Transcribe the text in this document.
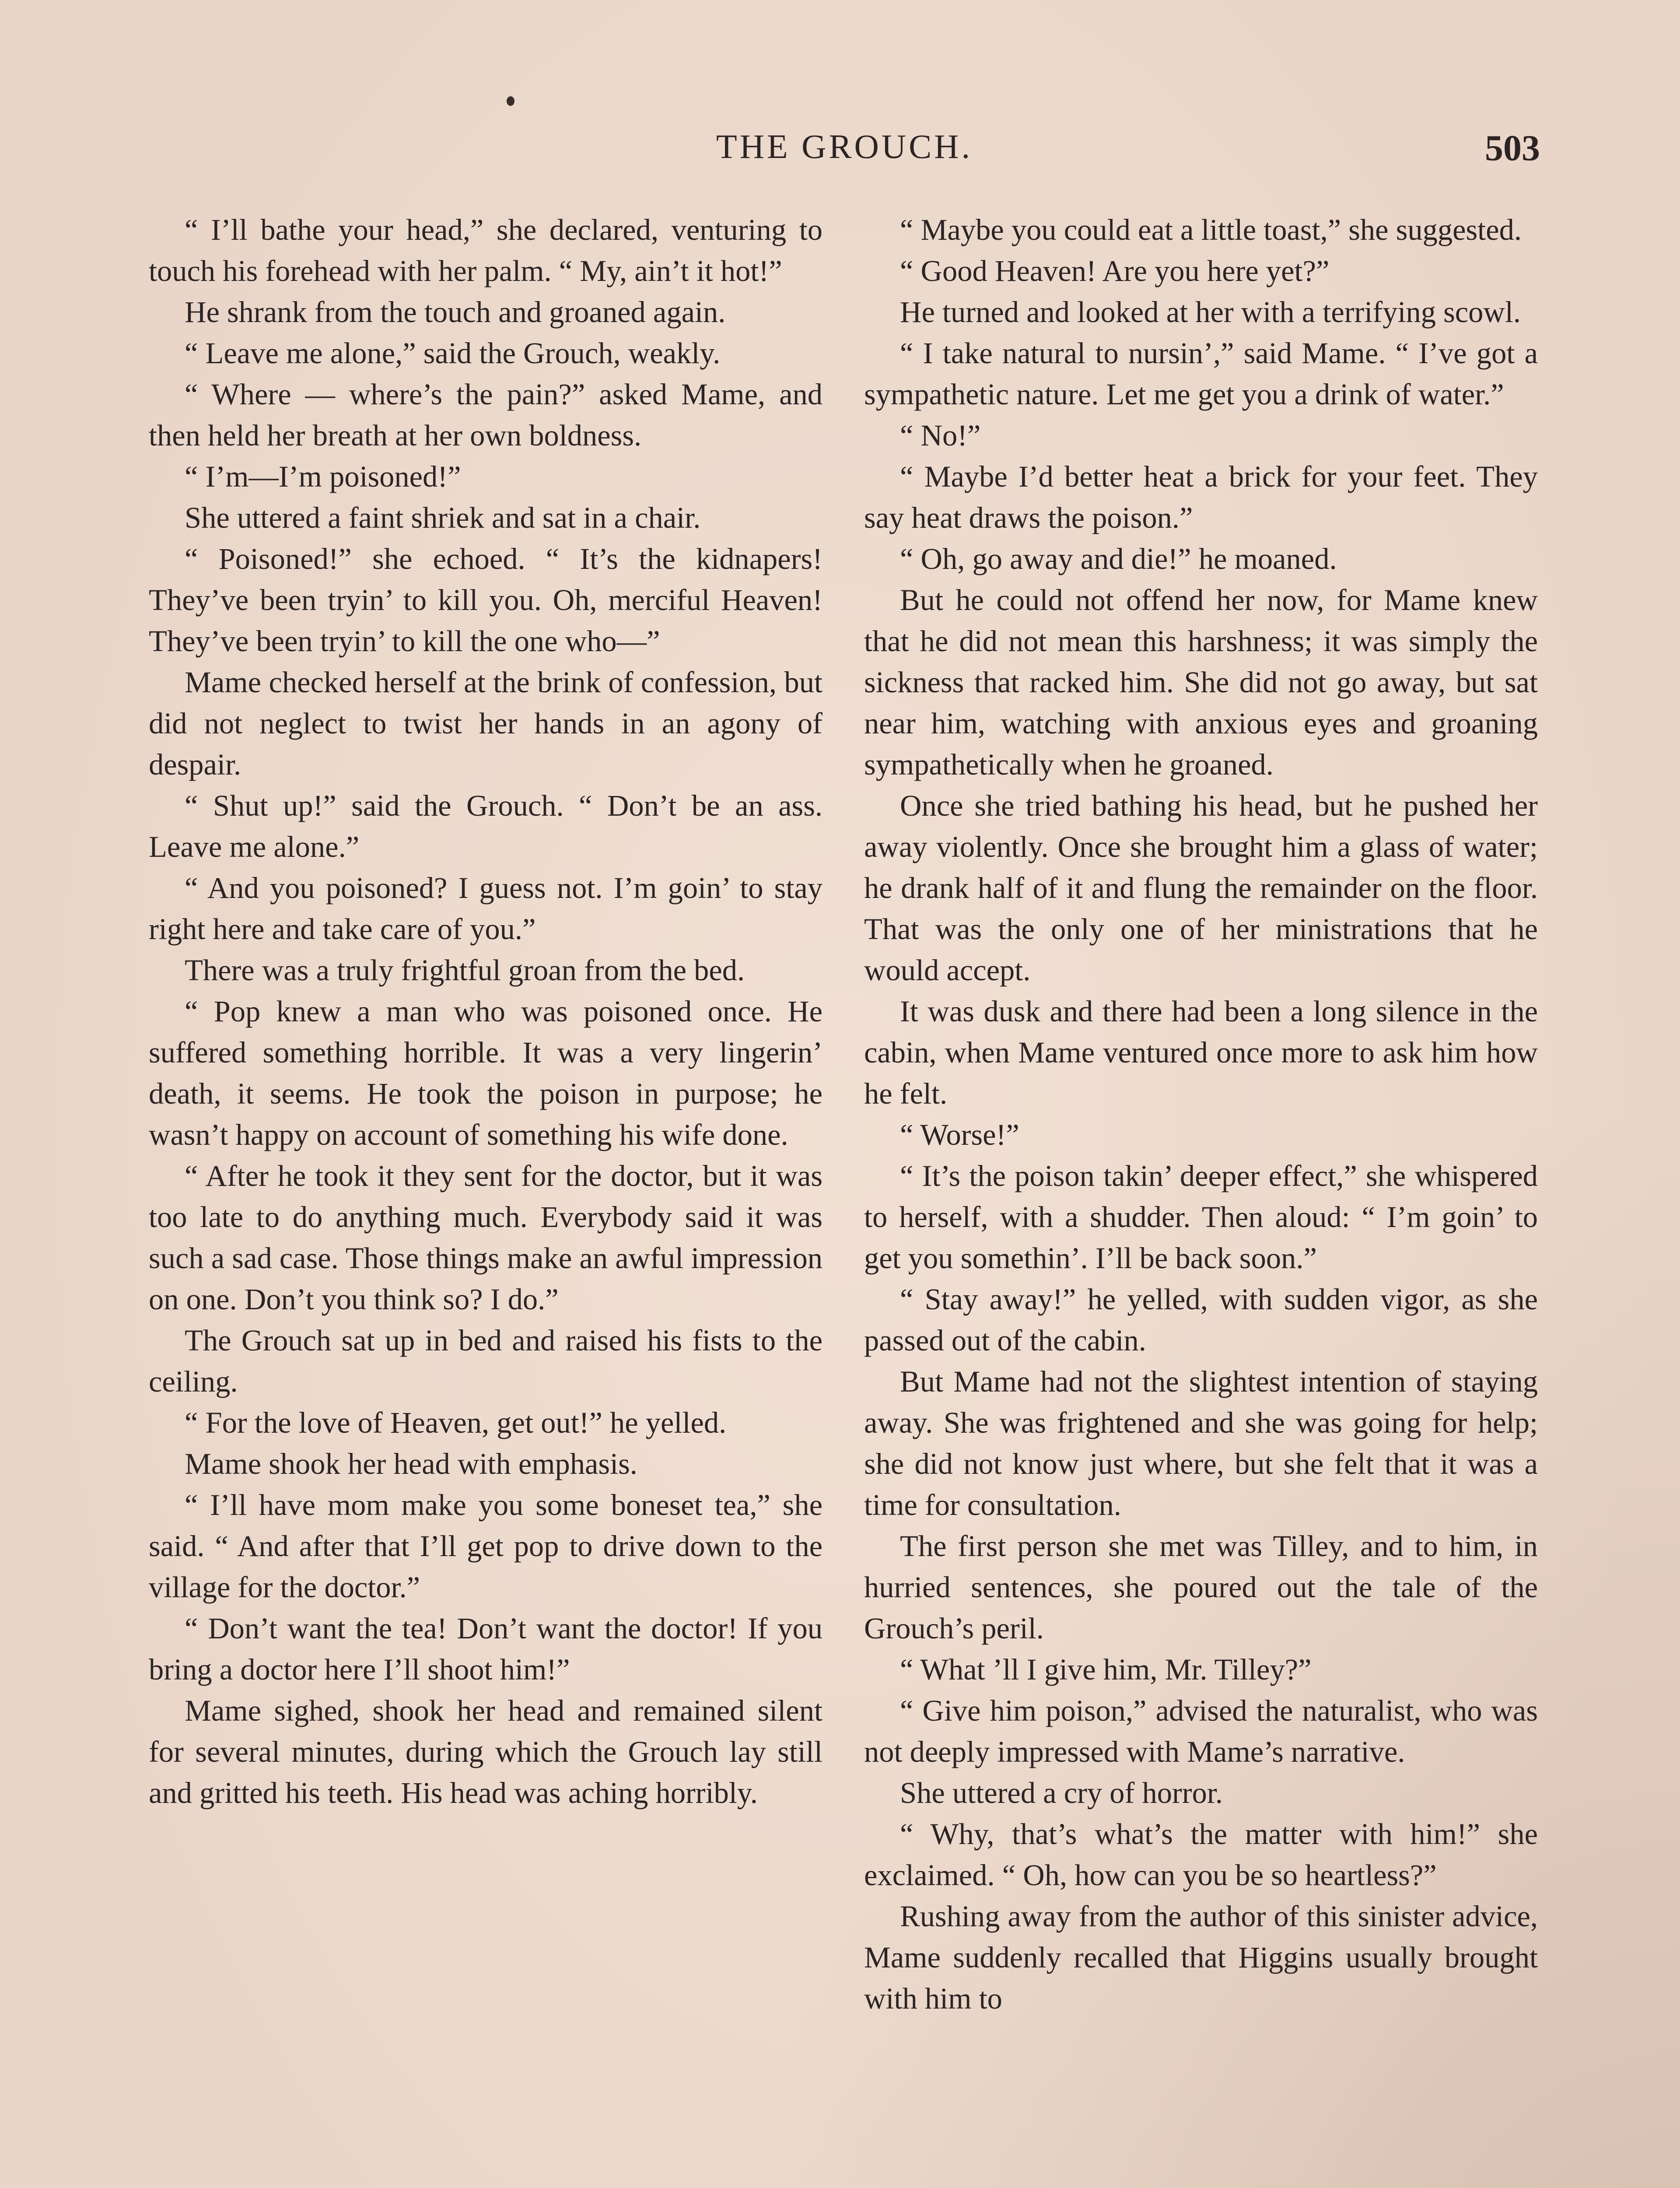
THE GROUCH.	503

“ I’ll bathe your head,” she declared, venturing to touch his forehead with her palm. “ My, ain’t it hot!”

He shrank from the touch and groaned again.

“ Leave me alone,” said the Grouch, weakly.

“ Where — where’s the pain?” asked Mame, and then held her breath at her own boldness.

“ I’m—I’m poisoned!”

She uttered a faint shriek and sat in a chair.

“ Poisoned!” she echoed. “ It’s the kidnapers! They’ve been tryin’ to kill you. Oh, merciful Heaven! They’ve been tryin’ to kill the one who—”

Mame checked herself at the brink of confession, but did not neglect to twist her hands in an agony of despair.

“ Shut up!” said the Grouch. “ Don’t be an ass. Leave me alone.”

“ And you poisoned? I guess not. I’m goin’ to stay right here and take care of you.”

There was a truly frightful groan from the bed.

“ Pop knew a man who was poisoned once. He suffered something horrible. It was a very lingerin’ death, it seems. He took the poison in purpose; he wasn’t happy on account of something his wife done.

“ After he took it they sent for the doctor, but it was too late to do anything much. Everybody said it was such a sad case. Those things make an awful impression on one. Don’t you think so? I do.”

The Grouch sat up in bed and raised his fists to the ceiling.

“ For the love of Heaven, get out!” he yelled.

Mame shook her head with emphasis.

“ I’ll have mom make you some boneset tea,” she said. “ And after that I’ll get pop to drive down to the village for the doctor.”

“ Don’t want the tea! Don’t want the doctor! If you bring a doctor here I’ll shoot him!”

Mame sighed, shook her head and remained silent for several minutes, during which the Grouch lay still and gritted his teeth. His head was aching horribly.

“ Maybe you could eat a little toast,” she suggested.

“ Good Heaven! Are you here yet?”

He turned and looked at her with a terrifying scowl.

“ I take natural to nursin’,” said Mame. “ I’ve got a sympathetic nature. Let me get you a drink of water.”

“ No!”

“ Maybe I’d better heat a brick for your feet. They say heat draws the poison.”

“ Oh, go away and die!” he moaned.

But he could not offend her now, for Mame knew that he did not mean this harshness; it was simply the sickness that racked him. She did not go away, but sat near him, watching with anxious eyes and groaning sympathetically when he groaned.

Once she tried bathing his head, but he pushed her away violently. Once she brought him a glass of water; he drank half of it and flung the remainder on the floor. That was the only one of her ministrations that he would accept.

It was dusk and there had been a long silence in the cabin, when Mame ventured once more to ask him how he felt.

“ Worse!”

“ It’s the poison takin’ deeper effect,” she whispered to herself, with a shudder. Then aloud: “ I’m goin’ to get you somethin’. I’ll be back soon.”

“ Stay away!” he yelled, with sudden vigor, as she passed out of the cabin.

But Mame had not the slightest intention of staying away. She was frightened and she was going for help; she did not know just where, but she felt that it was a time for consultation.

The first person she met was Tilley, and to him, in hurried sentences, she poured out the tale of the Grouch’s peril.

“ What ’ll I give him, Mr. Tilley?”

“ Give him poison,” advised the naturalist, who was not deeply impressed with Mame’s narrative.

She uttered a cry of horror.

“ Why, that’s what’s the matter with him!” she exclaimed. “ Oh, how can you be so heartless?”

Rushing away from the author of this sinister advice, Mame suddenly recalled that Higgins usually brought with him to
